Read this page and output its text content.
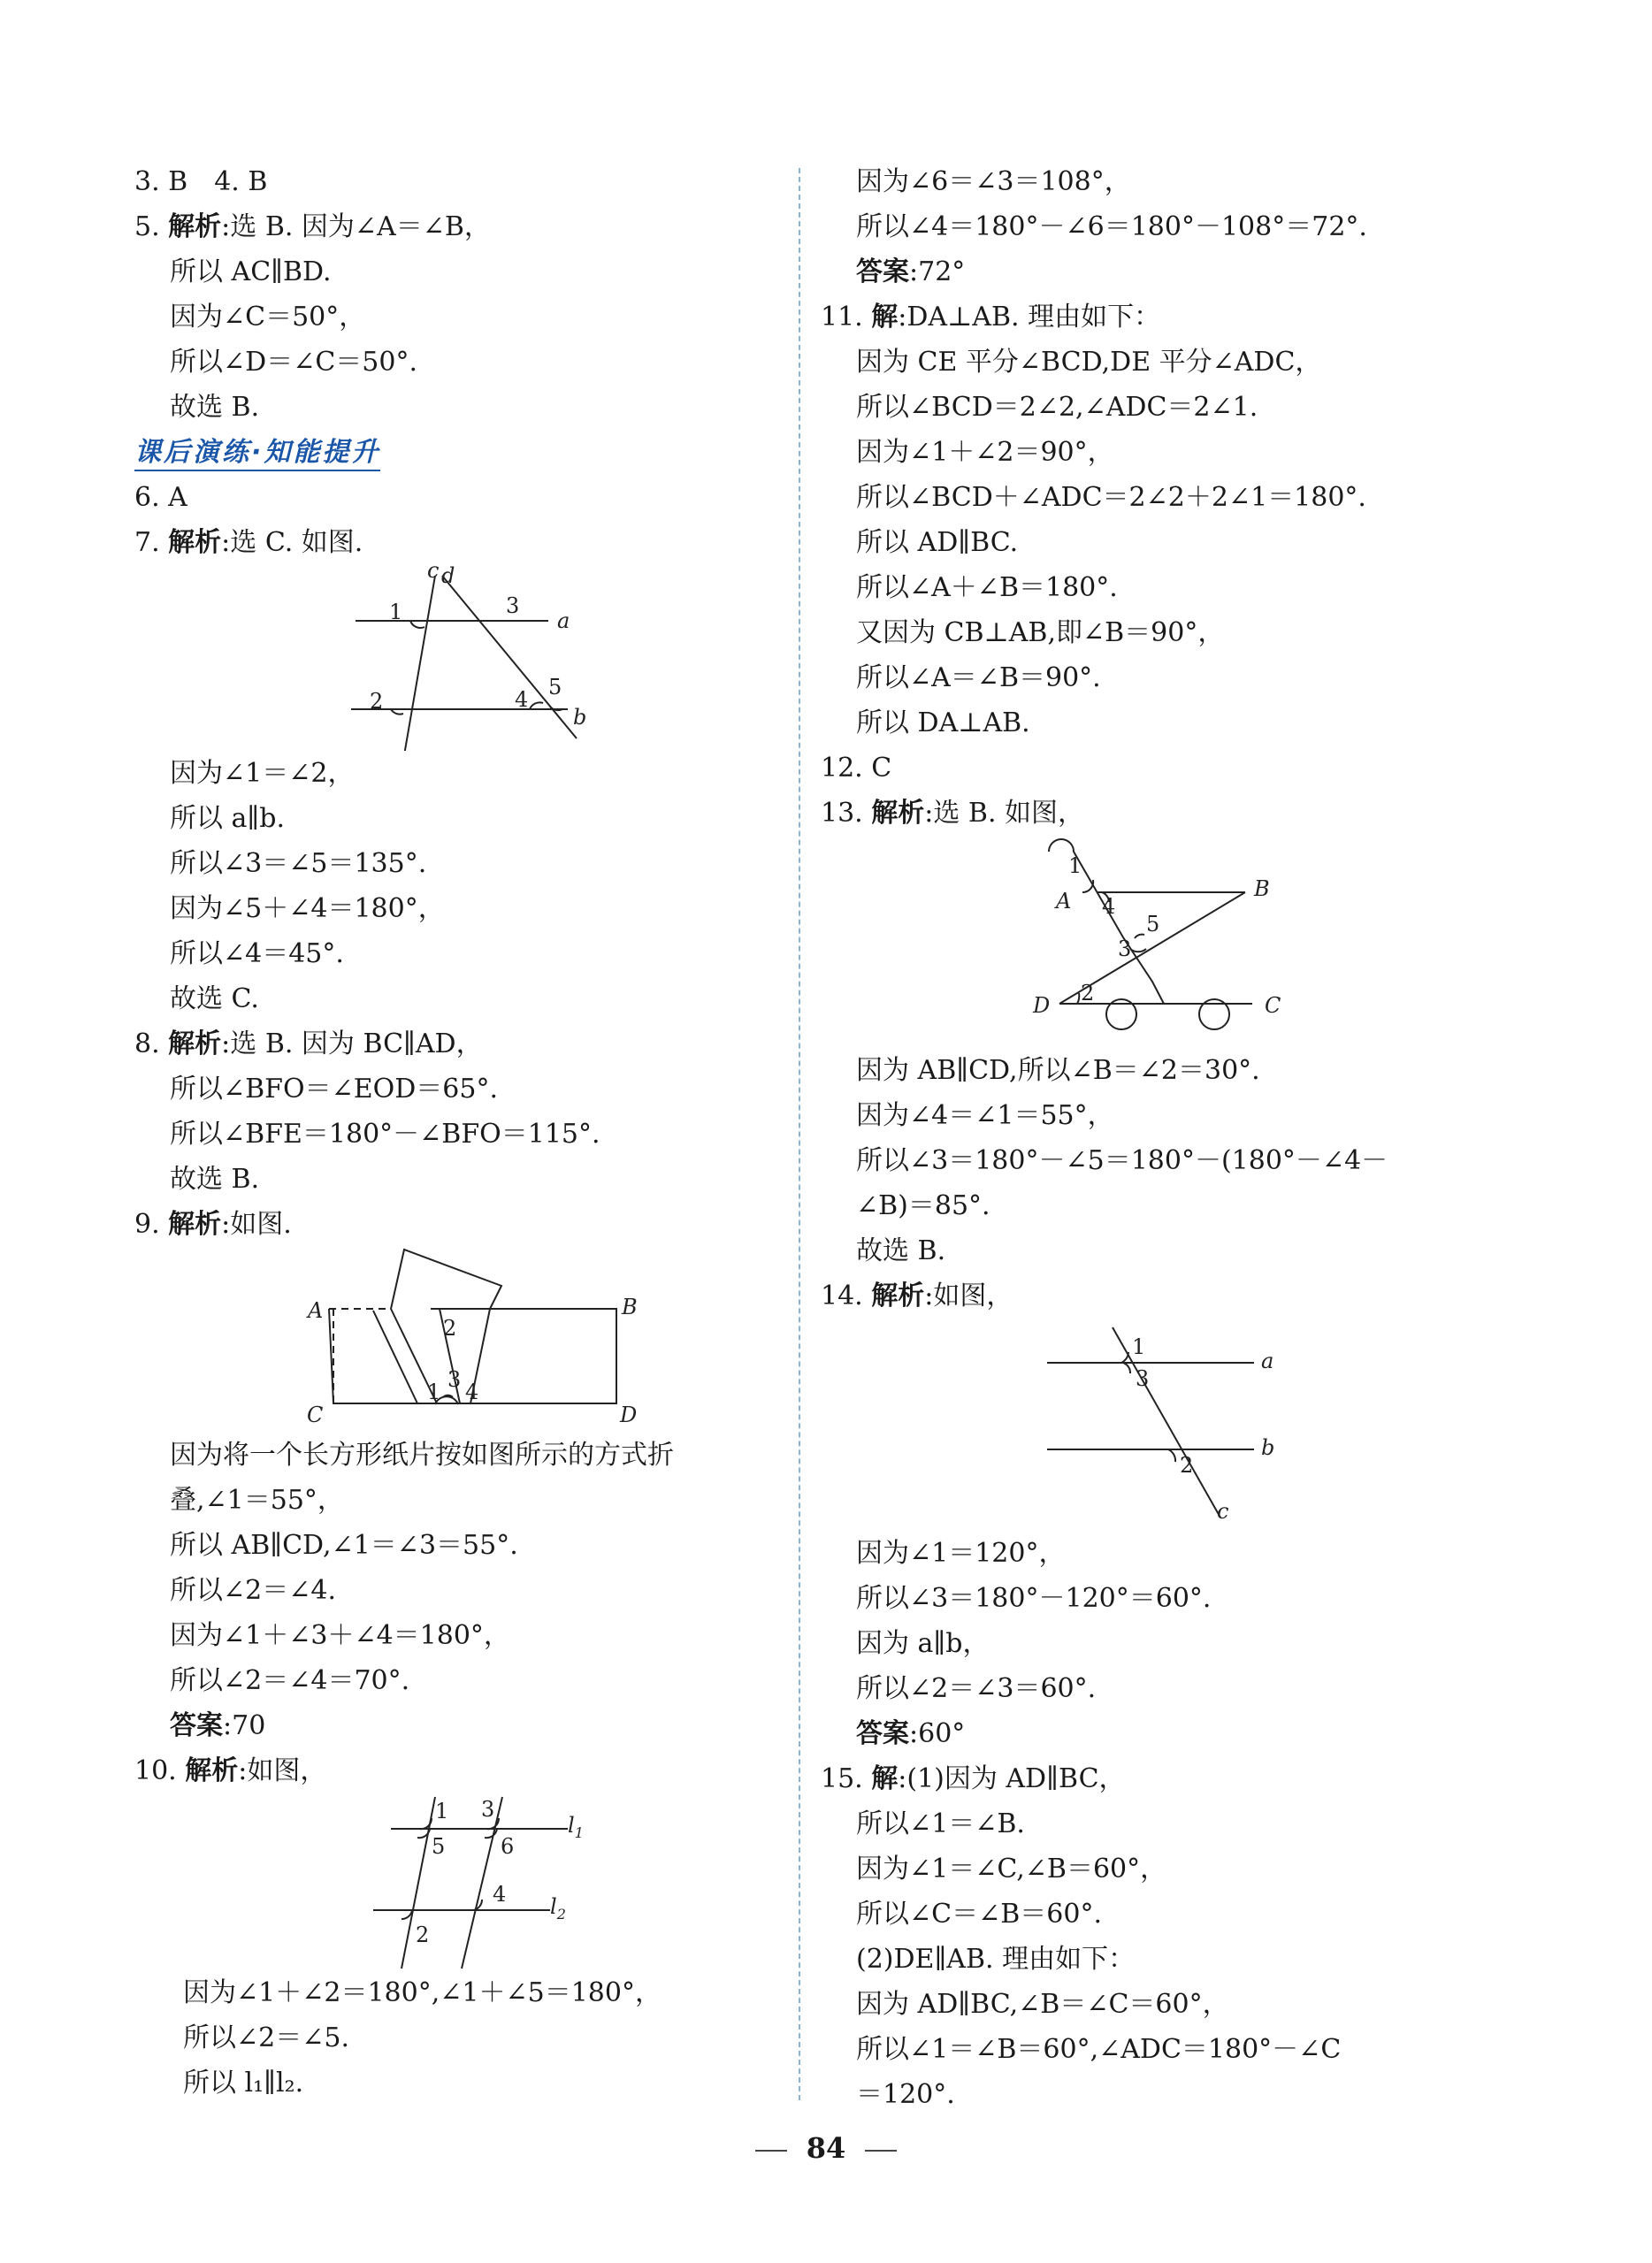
3. B　4. B
5. 解析:选 B. 因为∠A＝∠B，
所以 AC∥BD.
因为∠C＝50°，
所以∠D＝∠C＝50°.
故选 B.
课后演练·知能提升
6. A
7. 解析:选 C. 如图.
c d
a
b
1	3
2	4 5
因为∠1＝∠2，
所以 a∥b.
所以∠3＝∠5＝135°.
因为∠5＋∠4＝180°，
所以∠4＝45°.
故选 C.
8. 解析:选 B. 因为 BC∥AD，
所以∠BFO＝∠EOD＝65°.
所以∠BFE＝180°－∠BFO＝115°.
故选 B.
9. 解析:如图.
A	B
C	D
1
2
3 4
因为将一个长方形纸片按如图所示的方式折
叠,∠1＝55°，
所以 AB∥CD,∠1＝∠3＝55°.
所以∠2＝∠4.
因为∠1＋∠3＋∠4＝180°，
所以∠2＝∠4＝70°.
答案:70
10. 解析:如图，
1 3
5	6
4
2
$l_1$
$l_2$
因为∠1＋∠2＝180°,∠1＋∠5＝180°，
所以∠2＝∠5.
所以 l₁∥l₂.
因为∠6＝∠3＝108°，
所以∠4＝180°－∠6＝180°－108°＝72°.
答案:72°
11. 解:DA⊥AB. 理由如下：
因为 CE 平分∠BCD,DE 平分∠ADC，
所以∠BCD＝2∠2,∠ADC＝2∠1.
因为∠1＋∠2＝90°，
所以∠BCD＋∠ADC＝2∠2＋2∠1＝180°.
所以 AD∥BC.
所以∠A＋∠B＝180°.
又因为 CB⊥AB,即∠B＝90°，
所以∠A＝∠B＝90°.
所以 DA⊥AB.
12. C
13. 解析:选 B. 如图，
1
A 4
5
3
B
D 2	C
因为 AB∥CD,所以∠B＝∠2＝30°.
因为∠4＝∠1＝55°，
所以∠3＝180°－∠5＝180°－(180°－∠4－
∠B)＝85°.
故选 B.
14. 解析:如图，
1
3
a
b
2
c
因为∠1＝120°，
所以∠3＝180°－120°＝60°.
因为 a∥b，
所以∠2＝∠3＝60°.
答案:60°
15. 解:(1)因为 AD∥BC，
所以∠1＝∠B.
因为∠1＝∠C,∠B＝60°，
所以∠C＝∠B＝60°.
(2)DE∥AB. 理由如下：
因为 AD∥BC,∠B＝∠C＝60°，
所以∠1＝∠B＝60°,∠ADC＝180°－∠C
＝120°.
84
